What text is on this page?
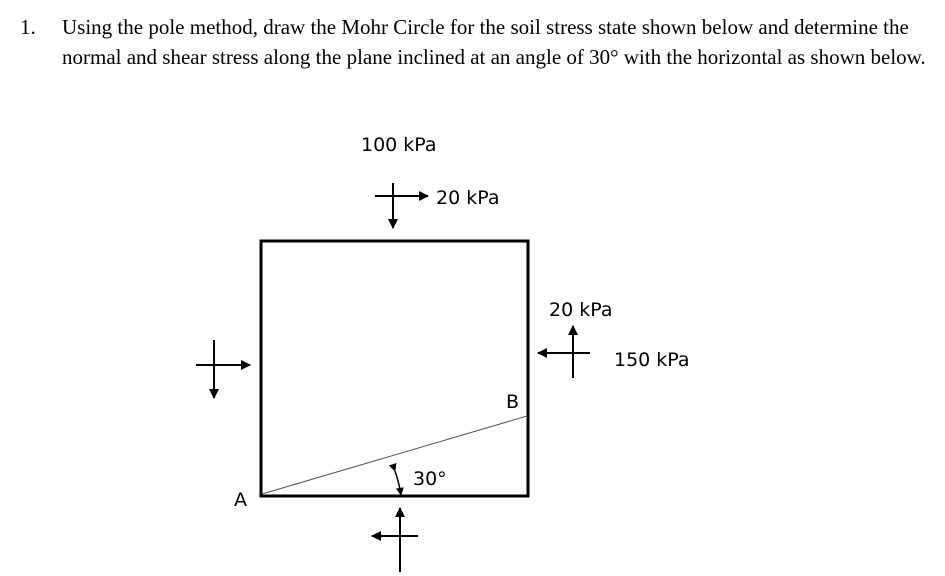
1. Using the pole method, draw the Mohr Circle for the soil stress state shown below and determine the normal and shear stress along the plane inclined at an angle of 30° with the horizontal as shown below.
100 kPa
20 kPa
20 kPa
150 kPa
B
A
30°
